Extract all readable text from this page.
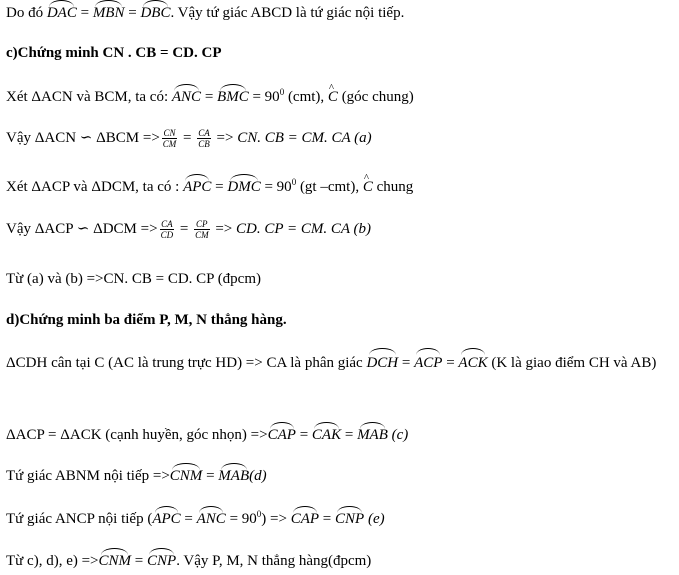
Do đó DAC = MBN = DBC. Vậy tứ giác ABCD là tứ giác nội tiếp.
c)Chứng minh CN . CB = CD. CP
Xét ΔACN và BCM, ta có: ANC = BMC = $90^0$ (cmt), ^ C (góc chung)
Vậy ΔACN ∽ $\Delta BCM => \frac{CN}{CM} = \frac{CA}{CB}$ => CN. CB = CM. CA (a)
Xét ΔACP và ΔDCM, ta có : APC = DMC = $90^0$ (gt –cmt), ^ C chung
Vậy ΔACP ∽ $\Delta DCM => \frac{CA}{CD} = \frac{CP}{CM}$ => CD. CP = CM. CA (b)
Từ (a) và (b) =>CN. CB = CD. CP (đpcm)
d)Chứng minh ba điểm P, M, N thẳng hàng.
ΔCDH cân tại C (AC là trung trực HD) => CA là phân giác DCH = ACP = ACK (K là giao điểm CH và AB)
ΔACP = ΔACK (cạnh huyền, góc nhọn) =>CAP = CAK = MAB (c)
Tứ giác ABNM nội tiếp =>CNM = MAB(d)
Tứ giác ANCP nội tiếp (APC = ANC = $90^0$) => CAP = CNP (e)
Từ c), d), e) =>CNM = CNP. Vậy P, M, N thẳng hàng(đpcm)
